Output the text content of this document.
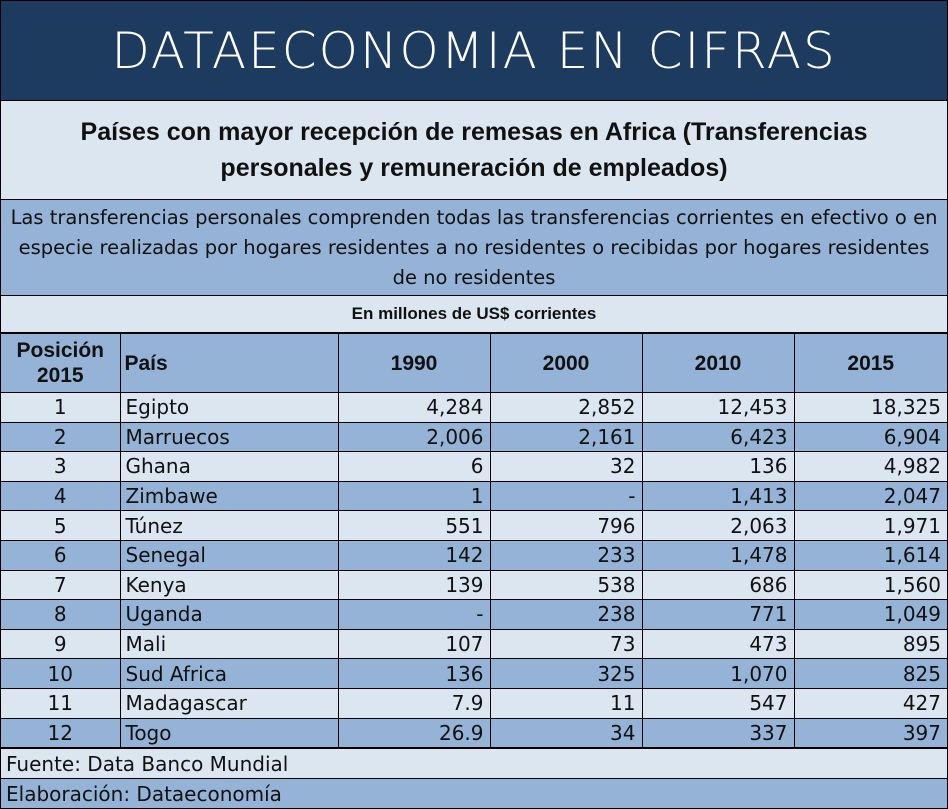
DATAECONOMIA EN CIFRAS
Países con mayor recepción de remesas en Africa (Transferencias personales y remuneración de empleados)
Las transferencias personales comprenden todas las transferencias corrientes en efectivo o en especie realizadas por hogares residentes a no residentes o recibidas por hogares residentes de no residentes
En millones de US$ corrientes
Posición 2015	País	1990	2000	2010	2015
1	Egipto	4,284	2,852	12,453	18,325
2	Marruecos	2,006	2,161	6,423	6,904
3	Ghana	6	32	136	4,982
4	Zimbawe	1	-	1,413	2,047
5	Túnez	551	796	2,063	1,971
6	Senegal	142	233	1,478	1,614
7	Kenya	139	538	686	1,560
8	Uganda	-	238	771	1,049
9	Mali	107	73	473	895
10	Sud Africa	136	325	1,070	825
11	Madagascar	7.9	11	547	427
12	Togo	26.9	34	337	397
Fuente: Data Banco Mundial
Elaboración: Dataeconomía
